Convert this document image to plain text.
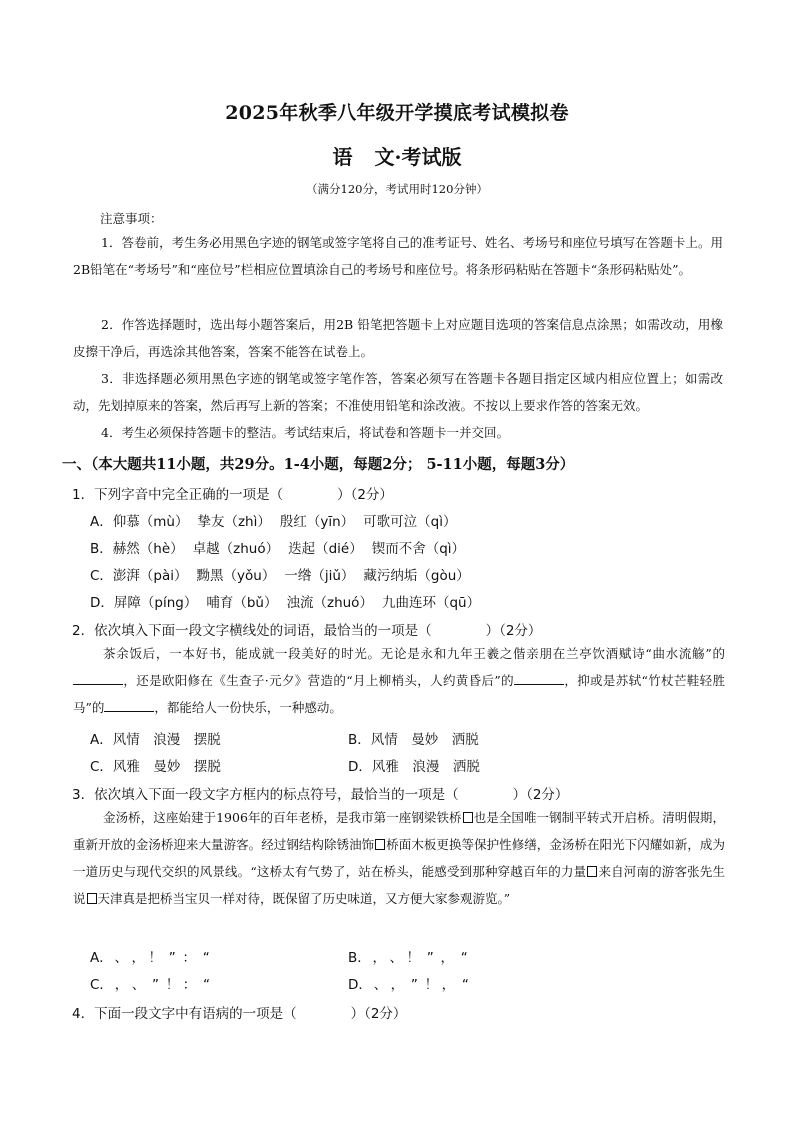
2025年秋季八年级开学摸底考试模拟卷
语 文·考试版
（满分120分，考试用时120分钟）
注意事项：
1．答卷前，考生务必用黑色字迹的钢笔或签字笔将自己的准考证号、姓名、考场号和座位号填写在答题卡上。用2B铅笔在“考场号”和“座位号”栏相应位置填涂自己的考场号和座位号。将条形码粘贴在答题卡“条形码粘贴处”。
2．作答选择题时，选出每小题答案后，用2B 铅笔把答题卡上对应题目选项的答案信息点涂黑；如需改动，用橡皮擦干净后，再选涂其他答案，答案不能答在试卷上。
3．非选择题必须用黑色字迹的钢笔或签字笔作答，答案必须写在答题卡各题目指定区域内相应位置上；如需改动，先划掉原来的答案，然后再写上新的答案；不准使用铅笔和涂改液。不按以上要求作答的答案无效。
4．考生必须保持答题卡的整洁。考试结束后，将试卷和答题卡一并交回。
一、（本大题共11小题，共29分。1-4小题，每题2分； 5-11小题，每题3分）
1．下列字音中完全正确的一项是（　　　　）（2分）
A．仰慕（mù） 挚友（zhì） 殷红（yīn） 可歌可泣（qì）
B．赫然（hè） 卓越（zhuó） 迭起（dié） 锲而不舍（qì）
C．澎湃（pài） 黝黑（yǒu） 一绺（jiǔ） 藏污纳垢（gòu）
D．屏障（píng） 哺育（bǔ） 浊流（zhuó） 九曲连环（qū）
2．依次填入下面一段文字横线处的词语，最恰当的一项是（　　　　）（2分）
茶余饭后，一本好书，能成就一段美好的时光。无论是永和九年王羲之偕亲朋在兰亭饮酒赋诗“曲水流觞”的，还是欧阳修在《生查子·元夕》营造的“月上柳梢头，人约黄昏后”的	，抑或是苏轼“竹杖芒鞋轻胜马”的	，都能给人一份快乐，一种感动。
A．风情　浪漫　摆脱	B．风情　曼妙　洒脱
C．风雅　曼妙　摆脱	D．风雅　浪漫　洒脱
3．依次填入下面一段文字方框内的标点符号，最恰当的一项是（　　　　）（2分）
金汤桥，这座始建于1906年的百年老桥，是我市第一座钢梁铁桥 也是全国唯一钢制平转式开启桥。清明假期，重新开放的金汤桥迎来大量游客。经过钢结构除锈油饰 桥面木板更换等保护性修缮，金汤桥在阳光下闪耀如新，成为一道历史与现代交织的风景线。“这桥太有气势了，站在桥头，能感受到那种穿越百年的力量 来自河南的游客张先生说 天津真是把桥当宝贝一样对待，既保留了历史味道，又方便大家参观游览。”
A． 、 ， ！ ” ： “	B． ， 、 ！ ” ， “
C． ， 、 ” ！ ： “	D． 、 ， ” ！ ， “
4．下面一段文字中有语病的一项是（　　　　）（2分）
